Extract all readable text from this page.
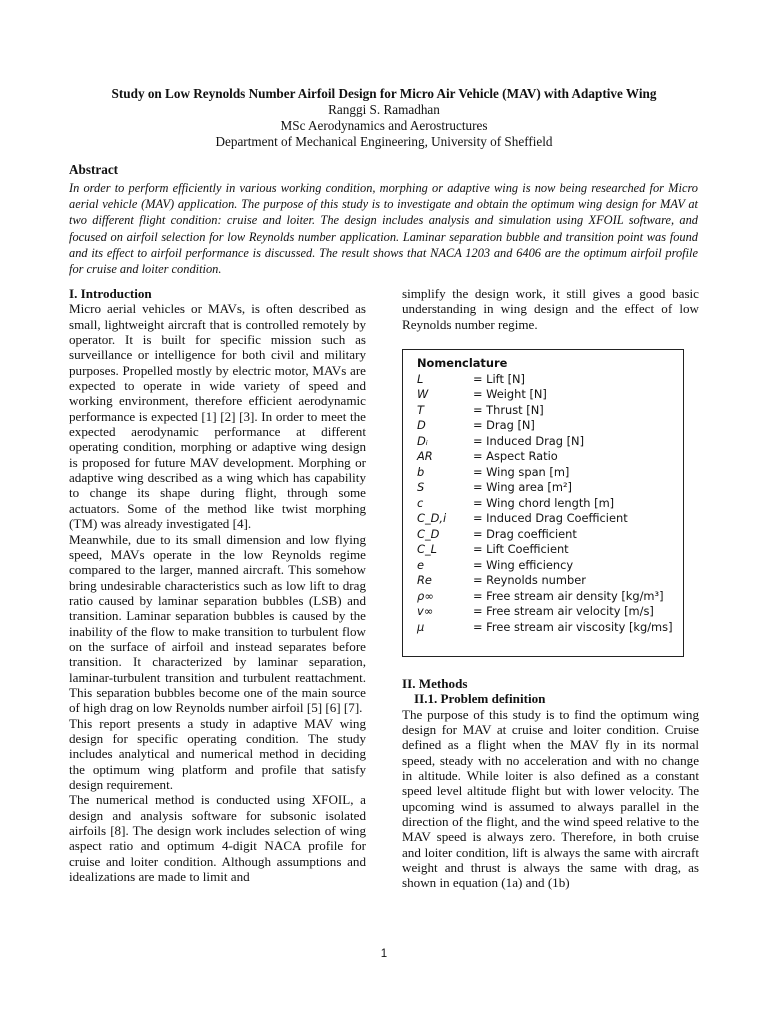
Study on Low Reynolds Number Airfoil Design for Micro Air Vehicle (MAV) with Adaptive Wing
Ranggi S. Ramadhan
MSc Aerodynamics and Aerostructures
Department of Mechanical Engineering, University of Sheffield
Abstract

In order to perform efficiently in various working condition, morphing or adaptive wing is now being researched for Micro aerial vehicle (MAV) application. The purpose of this study is to investigate and obtain the optimum wing design for MAV at two different flight condition: cruise and loiter. The design includes analysis and simulation using XFOIL software, and focused on airfoil selection for low Reynolds number application. Laminar separation bubble and transition point was found and its effect to airfoil performance is discussed. The result shows that NACA 1203 and 6406 are the optimum airfoil profile for cruise and loiter condition.

I. Introduction

Micro aerial vehicles or MAVs, is often described as small, lightweight aircraft that is controlled remotely by operator. It is built for specific mission such as surveillance or intelligence for both civil and military purposes. Propelled mostly by electric motor, MAVs are expected to operate in wide variety of speed and working environment, therefore efficient aerodynamic performance is expected [1] [2] [3]. In order to meet the expected aerodynamic performance at different operating condition, morphing or adaptive wing design is proposed for future MAV development. Morphing or adaptive wing described as a wing which has capability to change its shape during flight, through some actuators. Some of the method like twist morphing (TM) was already investigated [4].

Meanwhile, due to its small dimension and low flying speed, MAVs operate in the low Reynolds regime compared to the larger, manned aircraft. This somehow bring undesirable characteristics such as low lift to drag ratio caused by laminar separation bubbles (LSB) and transition. Laminar separation bubbles is caused by the inability of the flow to make transition to turbulent flow on the surface of airfoil and instead separates before transition. It characterized by laminar separation, laminar-turbulent transition and turbulent reattachment. This separation bubbles become one of the main source of high drag on low Reynolds number airfoil [5] [6] [7].

This report presents a study in adaptive MAV wing design for specific operating condition. The study includes analytical and numerical method in deciding the optimum wing platform and profile that satisfy design requirement.

The numerical method is conducted using XFOIL, a design and analysis software for subsonic isolated airfoils [8]. The design work includes selection of wing aspect ratio and optimum 4-digit NACA profile for cruise and loiter condition. Although assumptions and idealizations are made to limit and

simplify the design work, it still gives a good basic understanding in wing design and the effect of low Reynolds number regime.

Nomenclature	
L	= Lift [N]
W	= Weight [N]
T	= Thrust [N]
D	= Drag [N]
Dᵢ	= Induced Drag [N]
AR	= Aspect Ratio
b	= Wing span [m]
S	= Wing area [m²]
c	= Wing chord length [m]
C_D,i	= Induced Drag Coefficient
C_D	= Drag coefficient
C_L	= Lift Coefficient
e	= Wing efficiency
Re	= Reynolds number
ρ∞	= Free stream air density [kg/m³]
v∞	= Free stream air velocity [m/s]
μ	= Free stream air viscosity [kg/ms]

II. Methods

II.1. Problem definition

The purpose of this study is to find the optimum wing design for MAV at cruise and loiter condition. Cruise defined as a flight when the MAV fly in its normal speed, steady with no acceleration and with no change in altitude. While loiter is also defined as a constant speed level altitude flight but with lower velocity. The upcoming wind is assumed to always parallel in the direction of the flight, and the wind speed relative to the MAV speed is always zero. Therefore, in both cruise and loiter condition, lift is always the same with aircraft weight and thrust is always the same with drag, as shown in equation (1a) and (1b)

1
